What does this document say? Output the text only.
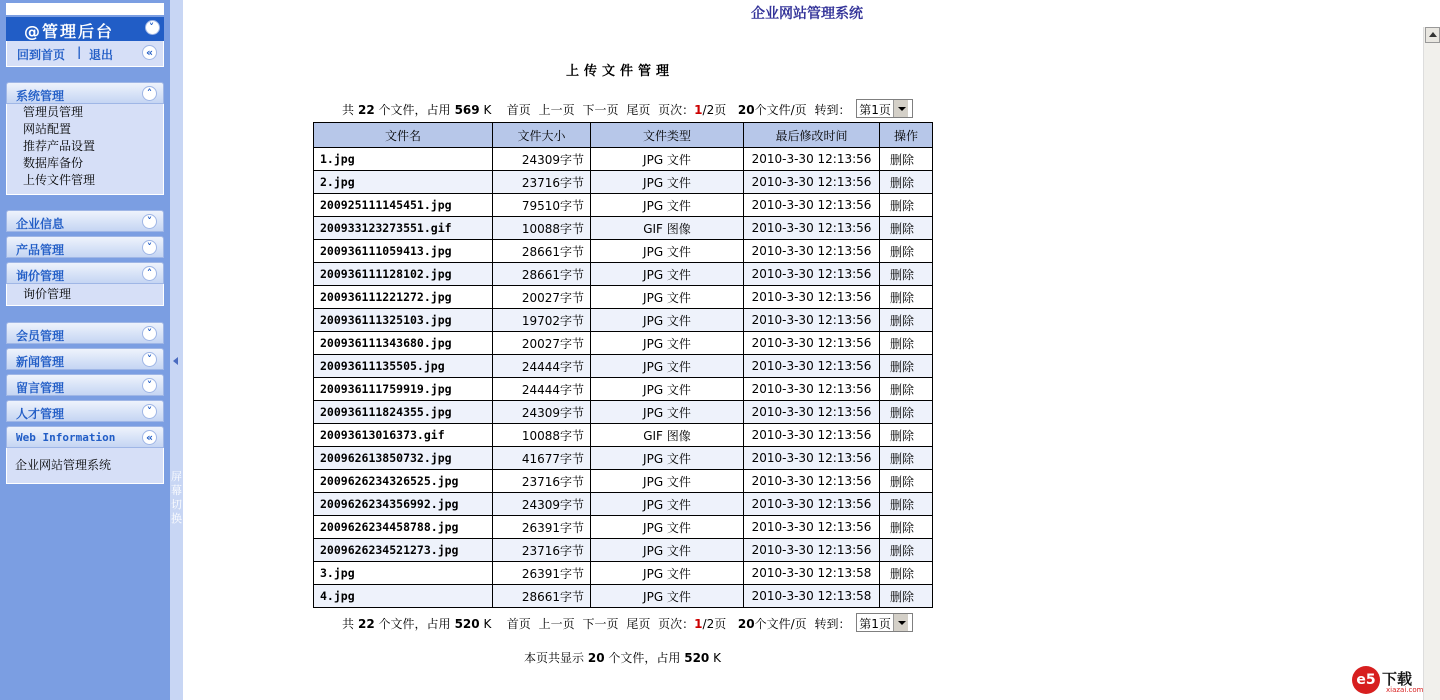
@管理后台	˅
回到首页 | 退出	«
系统管理	˄
管理员管理
网站配置
推荐产品设置
数据库备份
上传文件管理
企业信息	˅
产品管理	˅
询价管理	˄
询价管理
会员管理	˅
新闻管理	˅
留言管理	˅
人才管理	˅
Web Information	«
企业网站管理系统
屏幕切换
企业网站管理系统
上传文件管理
共 22 个文件，占用 569 K 首页 上一页 下一页 尾页 页次：1/2页 20个文件/页 转到： 第1页
文件名	文件大小	文件类型	最后修改时间	操作
1.jpg	24309字节	JPG 文件	2010-3-30 12:13:56	删除
2.jpg	23716字节	JPG 文件	2010-3-30 12:13:56	删除
200925111145451.jpg	79510字节	JPG 文件	2010-3-30 12:13:56	删除
200933123273551.gif	10088字节	GIF 图像	2010-3-30 12:13:56	删除
200936111059413.jpg	28661字节	JPG 文件	2010-3-30 12:13:56	删除
200936111128102.jpg	28661字节	JPG 文件	2010-3-30 12:13:56	删除
200936111221272.jpg	20027字节	JPG 文件	2010-3-30 12:13:56	删除
200936111325103.jpg	19702字节	JPG 文件	2010-3-30 12:13:56	删除
200936111343680.jpg	20027字节	JPG 文件	2010-3-30 12:13:56	删除
20093611135505.jpg	24444字节	JPG 文件	2010-3-30 12:13:56	删除
200936111759919.jpg	24444字节	JPG 文件	2010-3-30 12:13:56	删除
200936111824355.jpg	24309字节	JPG 文件	2010-3-30 12:13:56	删除
20093613016373.gif	10088字节	GIF 图像	2010-3-30 12:13:56	删除
200962613850732.jpg	41677字节	JPG 文件	2010-3-30 12:13:56	删除
2009626234326525.jpg	23716字节	JPG 文件	2010-3-30 12:13:56	删除
2009626234356992.jpg	24309字节	JPG 文件	2010-3-30 12:13:56	删除
2009626234458788.jpg	26391字节	JPG 文件	2010-3-30 12:13:56	删除
2009626234521273.jpg	23716字节	JPG 文件	2010-3-30 12:13:56	删除
3.jpg	26391字节	JPG 文件	2010-3-30 12:13:58	删除
4.jpg	28661字节	JPG 文件	2010-3-30 12:13:58	删除
共 22 个文件，占用 520 K 首页 上一页 下一页 尾页 页次：1/2页 20个文件/页 转到： 第1页
本页共显示 20 个文件，占用 520 K
e5 下载
xiazai.com
